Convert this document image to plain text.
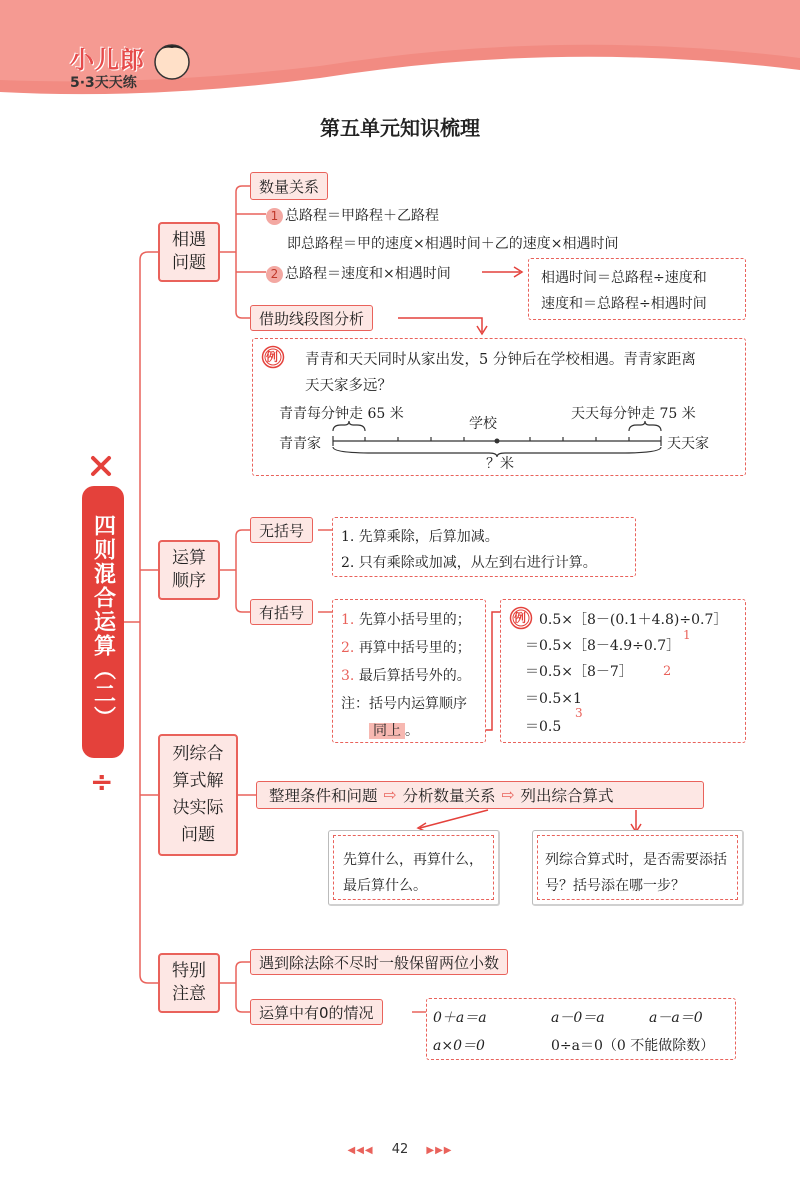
小儿郎
5·3天天练
第五单元知识梳理
四则混合运算（二）
÷
相遇问题
数量关系
1 总路程＝甲路程＋乙路程
即总路程＝甲的速度×相遇时间＋乙的速度×相遇时间
2 总路程＝速度和×相遇时间	相遇时间＝总路程÷速度和
速度和＝总路程÷相遇时间
借助线段图分析
例 青青和天天同时从家出发，5 分钟后在学校相遇。青青家距离
天天家多远？
青青每分钟走 65 米	天天每分钟走 75 米
学校
青青家	天天家
？米
运算顺序
无括号	1. 先算乘除，后算加减。
2. 只有乘除或加减，从左到右进行计算。
有括号	1. 先算小括号里的；
2. 再算中括号里的；
3. 最后算括号外的。
注：括号内运算顺序
同上 。
例 0.5×［8－(0.1＋4.8)÷0.7］
＝0.5×［8－4.9÷0.7］
＝0.5×［8－7］
＝0.5×1
＝0.5
1
2
3
列综合算式解决实际问题
整理条件和问题 ⇨ 分析数量关系 ⇨ 列出综合算式
先算什么，再算什么，最后算什么。
列综合算式时，是否需要添括号？括号添在哪一步？
特别注意
遇到除法除不尽时一般保留两位小数
运算中有0的情况	0＋a＝a	a－0＝a	a－a＝0
a×0＝0	0÷a＝0（0 不能做除数）
◀◀◀ 42 ▶▶▶
